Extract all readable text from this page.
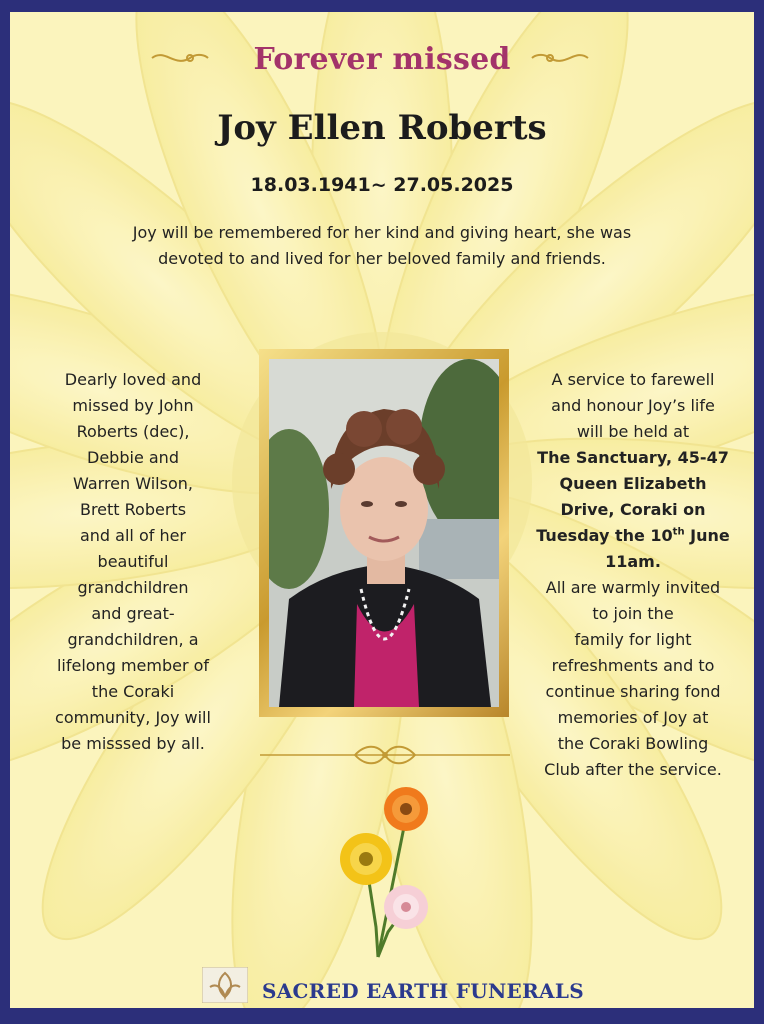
Forever missed
Joy Ellen Roberts
18.03.1941~ 27.05.2025
Joy will be remembered for her kind and giving heart, she was
devoted to and lived for her beloved family and friends.
Dearly loved and
missed by John
Roberts (dec),
Debbie and
Warren Wilson,
Brett Roberts
and all of her
beautiful
grandchildren
and great-
grandchildren, a
lifelong member of
the Coraki
community, Joy will
be misssed by all.
A service to farewell
and honour Joy’s life
will be held at
The Sanctuary, 45-47
Queen Elizabeth
Drive, Coraki on
Tuesday the 10th June
11am.
All are warmly invited
to join the
family for light
refreshments and to
continue sharing fond
memories of Joy at
the Coraki Bowling
Club after the service.
SACRED EARTH FUNERALS
